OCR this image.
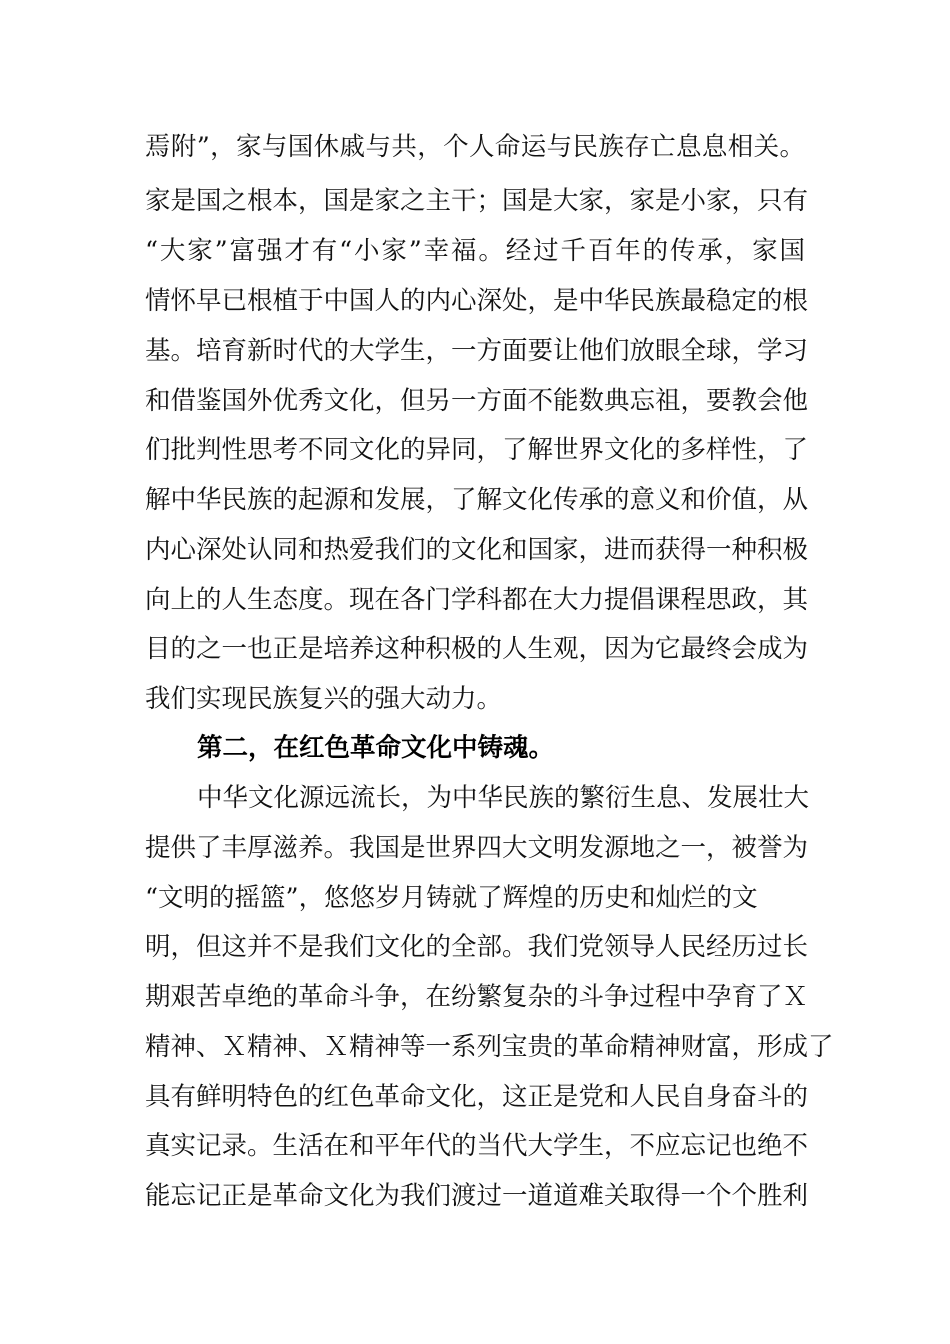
焉附”，家与国休戚与共，个人命运与民族存亡息息相关。
家是国之根本，国是家之主干；国是大家，家是小家，只有
“大家”富强才有“小家”幸福。经过千百年的传承，家国
情怀早已根植于中国人的内心深处，是中华民族最稳定的根
基。培育新时代的大学生，一方面要让他们放眼全球，学习
和借鉴国外优秀文化，但另一方面不能数典忘祖，要教会他
们批判性思考不同文化的异同，了解世界文化的多样性，了
解中华民族的起源和发展，了解文化传承的意义和价值，从
内心深处认同和热爱我们的文化和国家，进而获得一种积极
向上的人生态度。现在各门学科都在大力提倡课程思政，其
目的之一也正是培养这种积极的人生观，因为它最终会成为
我们实现民族复兴的强大动力。
第二，在红色革命文化中铸魂。
中华文化源远流长，为中华民族的繁衍生息、发展壮大
提供了丰厚滋养。我国是世界四大文明发源地之一，被誉为
“文明的摇篮”，悠悠岁月铸就了辉煌的历史和灿烂的文
明，但这并不是我们文化的全部。我们党领导人民经历过长
期艰苦卓绝的革命斗争，在纷繁复杂的斗争过程中孕育了Ｘ
精神、Ｘ精神、Ｘ精神等一系列宝贵的革命精神财富，形成了
具有鲜明特色的红色革命文化，这正是党和人民自身奋斗的
真实记录。生活在和平年代的当代大学生，不应忘记也绝不
能忘记正是革命文化为我们渡过一道道难关取得一个个胜利
